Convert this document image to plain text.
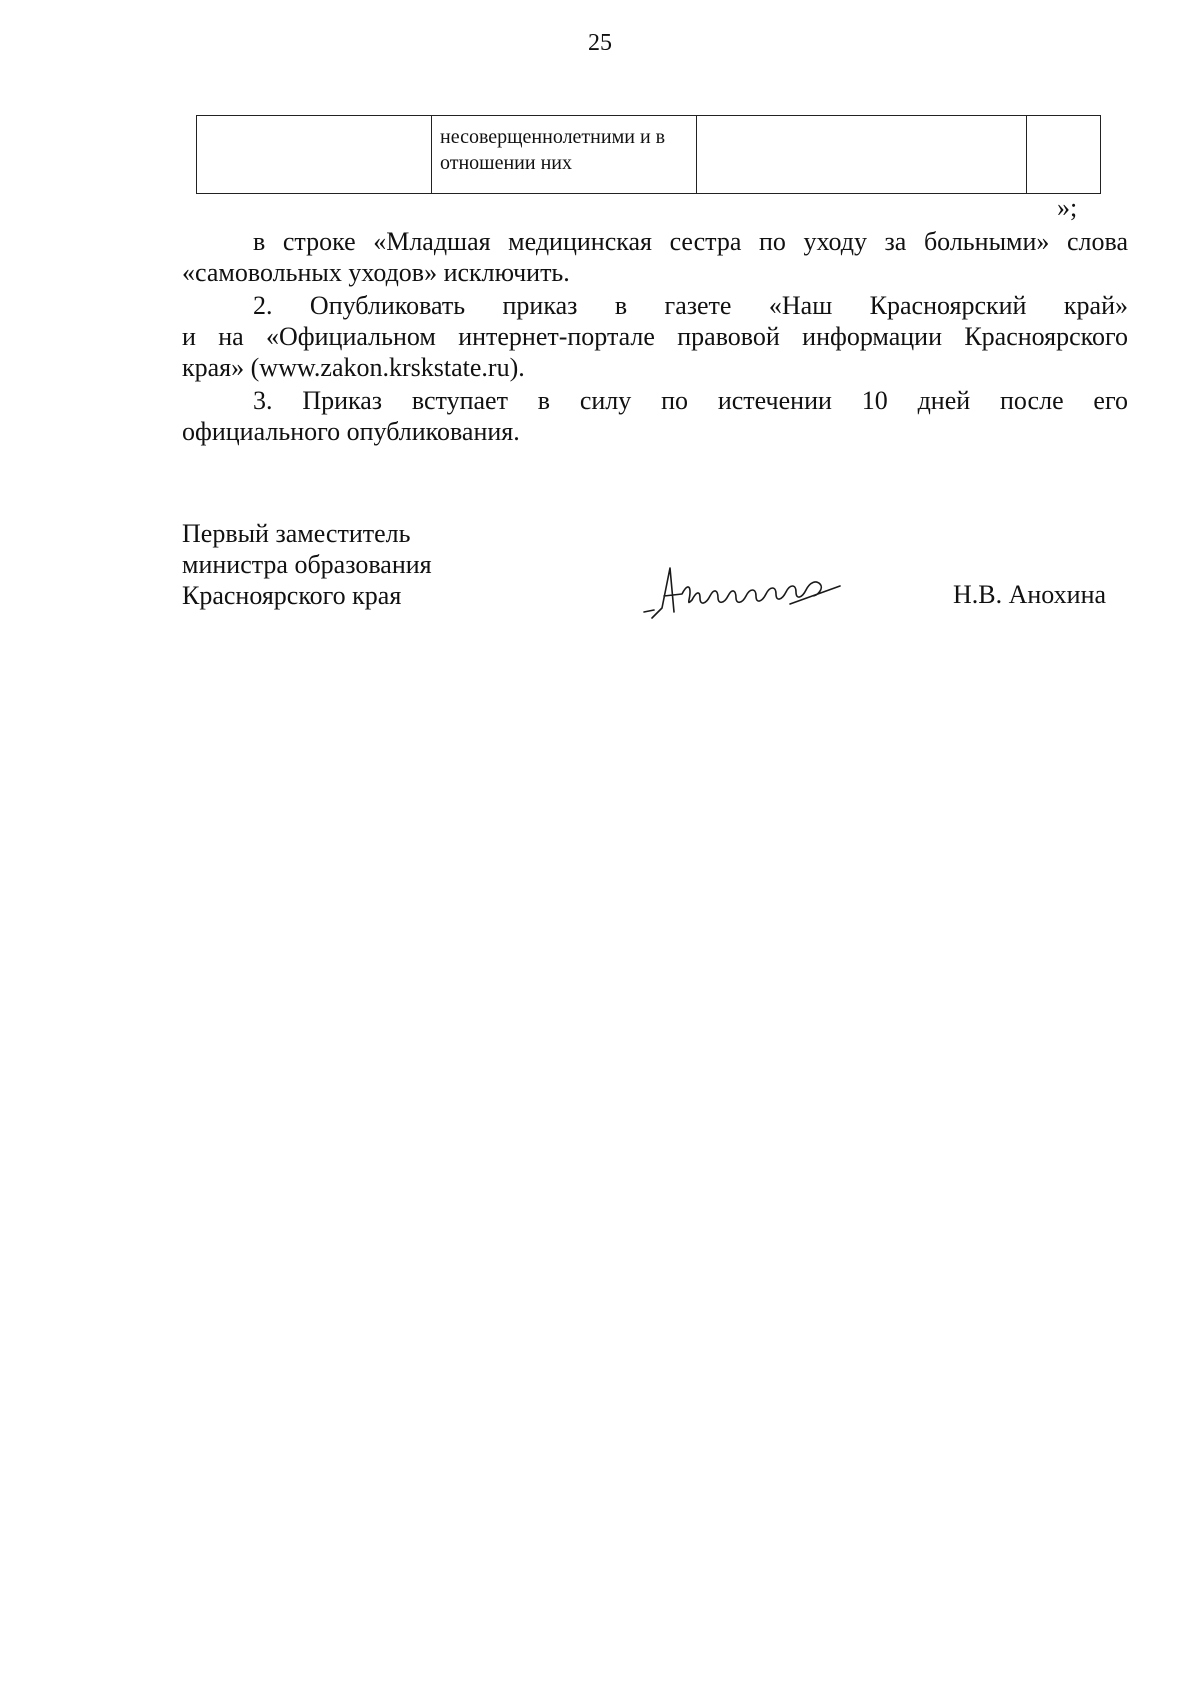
25
	несоверщеннолетними и в отношении них		
»;
в строке «Младшая медицинская сестра по уходу за больными» слова
«самовольных уходов» исключить.
2. Опубликовать приказ в газете «Наш Красноярский край»
и на «Официальном интернет-портале правовой информации Красноярского
края» (www.zakon.krskstate.ru).
3. Приказ вступает в силу по истечении 10 дней после его
официального опубликования.
Первый заместитель
министра образования
Красноярского края	Н.В. Анохина
